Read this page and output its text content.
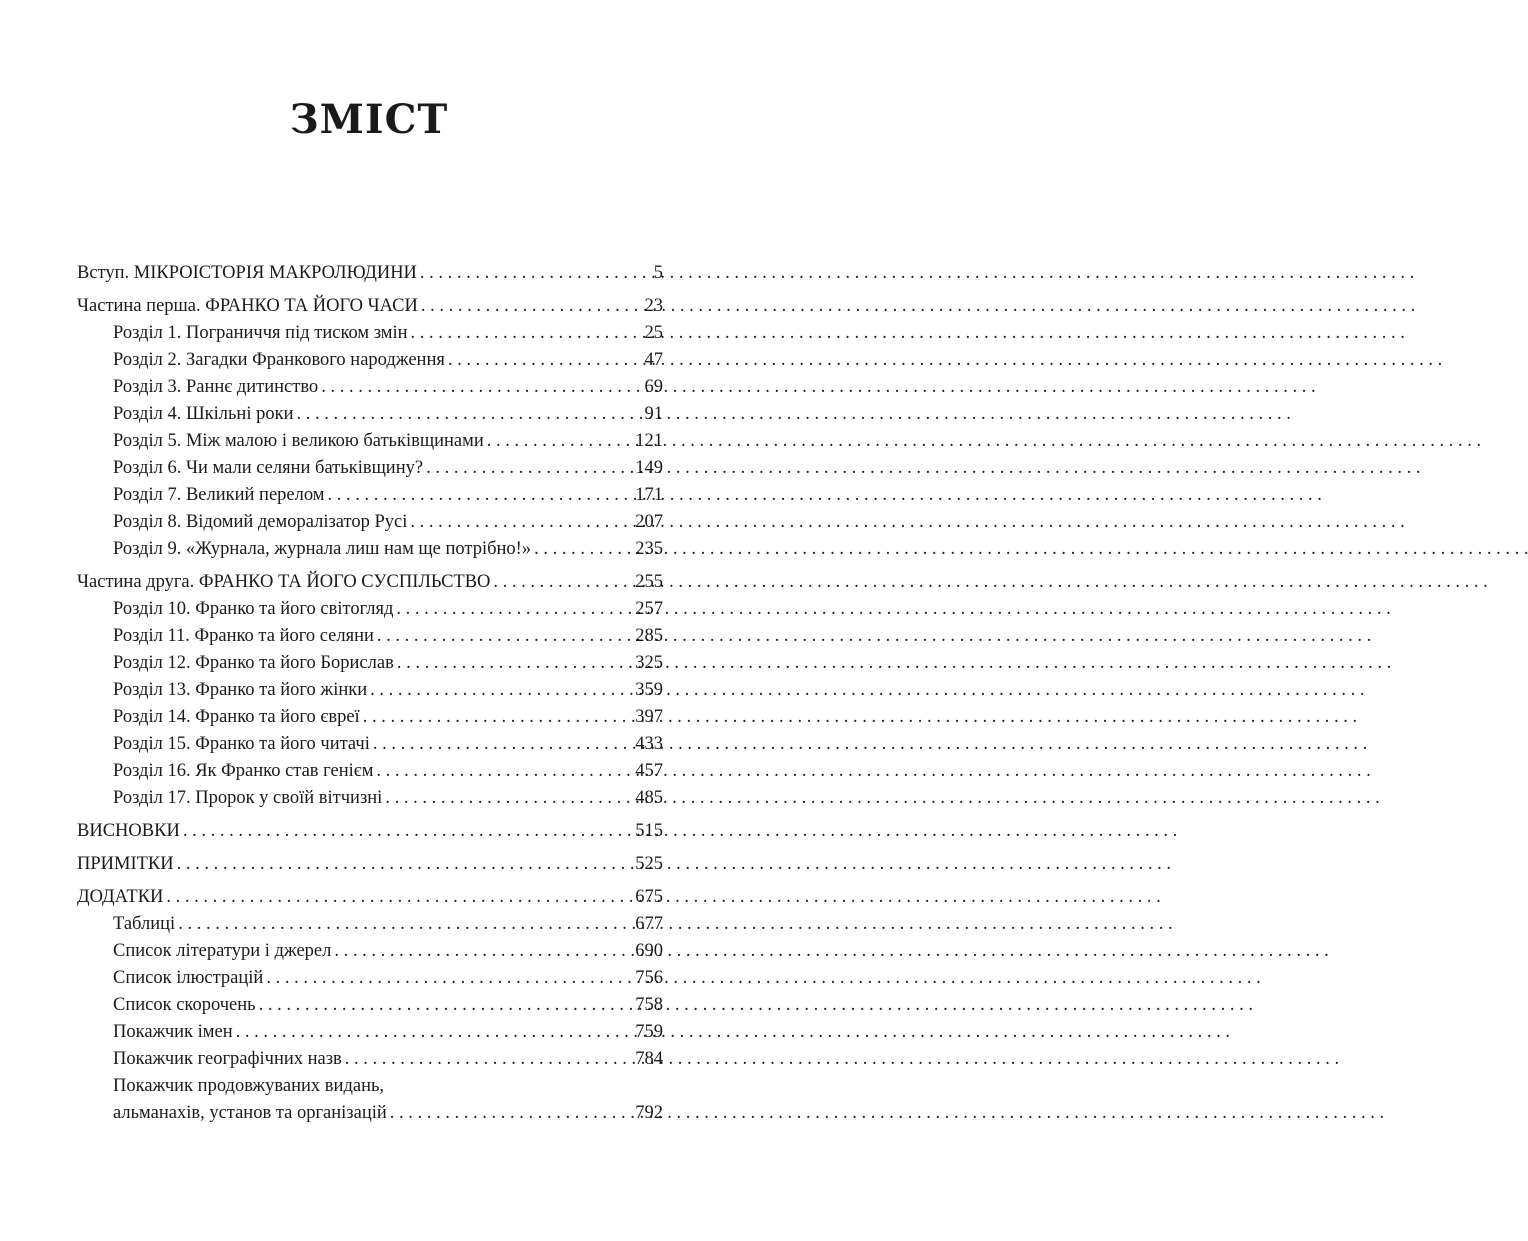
ЗМІСТ
Вступ. МІКРОІСТОРІЯ МАКРОЛЮДИНИ . . .	5
Частина перша. ФРАНКО ТА ЙОГО ЧАСИ . . .	23
Розділ 1. Пограниччя під тиском змін . . .	25
Розділ 2. Загадки Франкового народження . . .	47
Розділ 3. Раннє дитинство . . .	69
Розділ 4. Шкільні роки . . .	91
Розділ 5. Між малою і великою батьківщинами . . .	121
Розділ 6. Чи мали селяни батьківщину? . . .	149
Розділ 7. Великий перелом . . .	171
Розділ 8. Відомий деморалізатор Русі . . .	207
Розділ 9. «Журнала, журнала лиш нам ще потрібно!» . . .	235
Частина друга. ФРАНКО ТА ЙОГО СУСПІЛЬСТВО . . .	255
Розділ 10. Франко та його світогляд . . .	257
Розділ 11. Франко та його селяни . . .	285
Розділ 12. Франко та його Борислав . . .	325
Розділ 13. Франко та його жінки . . .	359
Розділ 14. Франко та його євреї . . .	397
Розділ 15. Франко та його читачі . . .	433
Розділ 16. Як Франко став генієм . . .	457
Розділ 17. Пророк у своїй вітчизні . . .	485
ВИСНОВКИ . . .	515
ПРИМІТКИ . . .	525
ДОДАТКИ . . .	675
Таблиці . . .	677
Список літератури і джерел . . .	690
Список ілюстрацій . . .	756
Список скорочень . . .	758
Покажчик імен . . .	759
Покажчик географічних назв . . .	784
Покажчик продовжуваних видань,
альманахів, установ та організацій . . .	792
